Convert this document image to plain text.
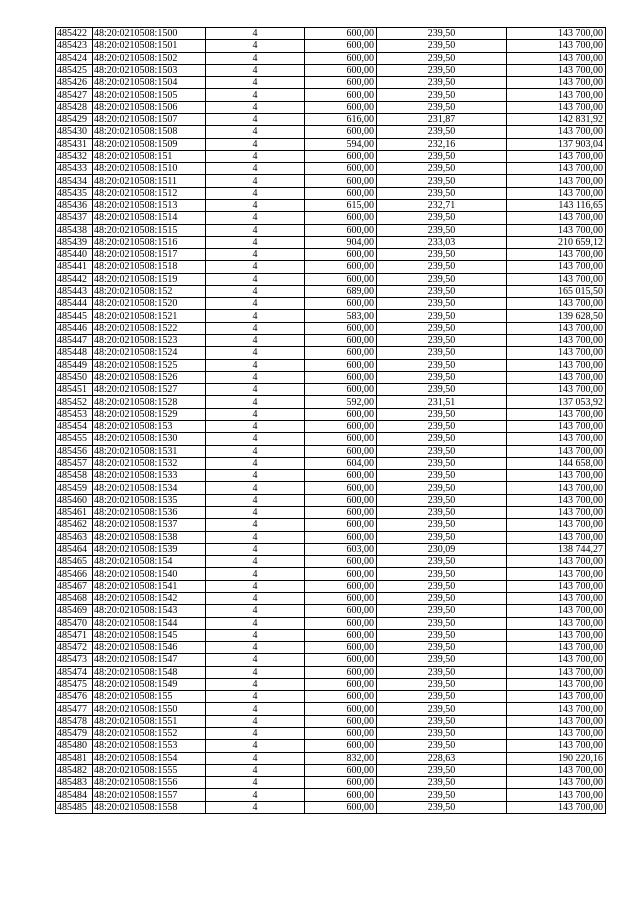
485422	48:20:0210508:1500	4	600,00	239,50	143 700,00
485423	48:20:0210508:1501	4	600,00	239,50	143 700,00
485424	48:20:0210508:1502	4	600,00	239,50	143 700,00
485425	48:20:0210508:1503	4	600,00	239,50	143 700,00
485426	48:20:0210508:1504	4	600,00	239,50	143 700,00
485427	48:20:0210508:1505	4	600,00	239,50	143 700,00
485428	48:20:0210508:1506	4	600,00	239,50	143 700,00
485429	48:20:0210508:1507	4	616,00	231,87	142 831,92
485430	48:20:0210508:1508	4	600,00	239,50	143 700,00
485431	48:20:0210508:1509	4	594,00	232,16	137 903,04
485432	48:20:0210508:151	4	600,00	239,50	143 700,00
485433	48:20:0210508:1510	4	600,00	239,50	143 700,00
485434	48:20:0210508:1511	4	600,00	239,50	143 700,00
485435	48:20:0210508:1512	4	600,00	239,50	143 700,00
485436	48:20:0210508:1513	4	615,00	232,71	143 116,65
485437	48:20:0210508:1514	4	600,00	239,50	143 700,00
485438	48:20:0210508:1515	4	600,00	239,50	143 700,00
485439	48:20:0210508:1516	4	904,00	233,03	210 659,12
485440	48:20:0210508:1517	4	600,00	239,50	143 700,00
485441	48:20:0210508:1518	4	600,00	239,50	143 700,00
485442	48:20:0210508:1519	4	600,00	239,50	143 700,00
485443	48:20:0210508:152	4	689,00	239,50	165 015,50
485444	48:20:0210508:1520	4	600,00	239,50	143 700,00
485445	48:20:0210508:1521	4	583,00	239,50	139 628,50
485446	48:20:0210508:1522	4	600,00	239,50	143 700,00
485447	48:20:0210508:1523	4	600,00	239,50	143 700,00
485448	48:20:0210508:1524	4	600,00	239,50	143 700,00
485449	48:20:0210508:1525	4	600,00	239,50	143 700,00
485450	48:20:0210508:1526	4	600,00	239,50	143 700,00
485451	48:20:0210508:1527	4	600,00	239,50	143 700,00
485452	48:20:0210508:1528	4	592,00	231,51	137 053,92
485453	48:20:0210508:1529	4	600,00	239,50	143 700,00
485454	48:20:0210508:153	4	600,00	239,50	143 700,00
485455	48:20:0210508:1530	4	600,00	239,50	143 700,00
485456	48:20:0210508:1531	4	600,00	239,50	143 700,00
485457	48:20:0210508:1532	4	604,00	239,50	144 658,00
485458	48:20:0210508:1533	4	600,00	239,50	143 700,00
485459	48:20:0210508:1534	4	600,00	239,50	143 700,00
485460	48:20:0210508:1535	4	600,00	239,50	143 700,00
485461	48:20:0210508:1536	4	600,00	239,50	143 700,00
485462	48:20:0210508:1537	4	600,00	239,50	143 700,00
485463	48:20:0210508:1538	4	600,00	239,50	143 700,00
485464	48:20:0210508:1539	4	603,00	230,09	138 744,27
485465	48:20:0210508:154	4	600,00	239,50	143 700,00
485466	48:20:0210508:1540	4	600,00	239,50	143 700,00
485467	48:20:0210508:1541	4	600,00	239,50	143 700,00
485468	48:20:0210508:1542	4	600,00	239,50	143 700,00
485469	48:20:0210508:1543	4	600,00	239,50	143 700,00
485470	48:20:0210508:1544	4	600,00	239,50	143 700,00
485471	48:20:0210508:1545	4	600,00	239,50	143 700,00
485472	48:20:0210508:1546	4	600,00	239,50	143 700,00
485473	48:20:0210508:1547	4	600,00	239,50	143 700,00
485474	48:20:0210508:1548	4	600,00	239,50	143 700,00
485475	48:20:0210508:1549	4	600,00	239,50	143 700,00
485476	48:20:0210508:155	4	600,00	239,50	143 700,00
485477	48:20:0210508:1550	4	600,00	239,50	143 700,00
485478	48:20:0210508:1551	4	600,00	239,50	143 700,00
485479	48:20:0210508:1552	4	600,00	239,50	143 700,00
485480	48:20:0210508:1553	4	600,00	239,50	143 700,00
485481	48:20:0210508:1554	4	832,00	228,63	190 220,16
485482	48:20:0210508:1555	4	600,00	239,50	143 700,00
485483	48:20:0210508:1556	4	600,00	239,50	143 700,00
485484	48:20:0210508:1557	4	600,00	239,50	143 700,00
485485	48:20:0210508:1558	4	600,00	239,50	143 700,00
